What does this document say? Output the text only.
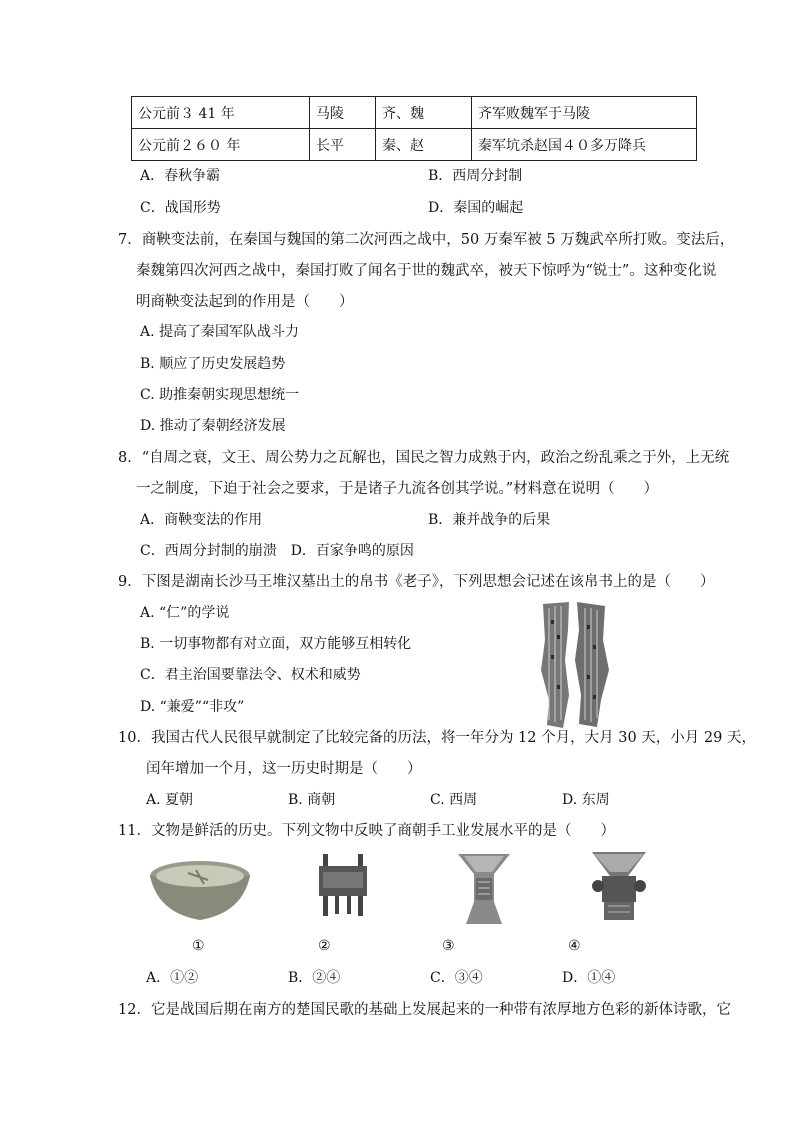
公元前３ 41 年	马陵	齐、魏	齐军败魏军于马陵
公元前２６０ 年	长平	秦、赵	秦军坑杀赵国４０多万降兵
A．春秋争霸	B．西周分封制
C．战国形势	D．秦国的崛起
7．商鞅变法前，在秦国与魏国的第二次河西之战中，50 万秦军被 5 万魏武卒所打败。变法后，
秦魏第四次河西之战中，秦国打败了闻名于世的魏武卒，被天下惊呼为“锐士”。这种变化说
明商鞅变法起到的作用是（　　）
A. 提高了秦国军队战斗力
B. 顺应了历史发展趋势
C. 助推秦朝实现思想统一
D. 推动了秦朝经济发展
8．“自周之衰，文王、周公势力之瓦解也，国民之智力成熟于内，政治之纷乱乘之于外，上无统
一之制度，下迫于社会之要求，于是诸子九流各创其学说。”材料意在说明（　　）
A．商鞅变法的作用	B．兼并战争的后果
C．西周分封制的崩溃　D．百家争鸣的原因
9．下图是湖南长沙马王堆汉墓出土的帛书《老子》，下列思想会记述在该帛书上的是（　　）
A. “仁”的学说
B. 一切事物都有对立面，双方能够互相转化
C．君主治国要靠法令、权术和威势
D. “兼爱”“非攻”
10．我国古代人民很早就制定了比较完备的历法，将一年分为 12 个月，大月 30 天，小月 29 天，
闰年增加一个月，这一历史时期是（　　）
A. 夏朝	B. 商朝	C. 西周	D. 东周
11．文物是鲜活的历史。下列文物中反映了商朝手工业发展水平的是（　　）
①	②	③	④
A．①②	B．②④	C．③④	D．①④
12．它是战国后期在南方的楚国民歌的基础上发展起来的一种带有浓厚地方色彩的新体诗歌，它
